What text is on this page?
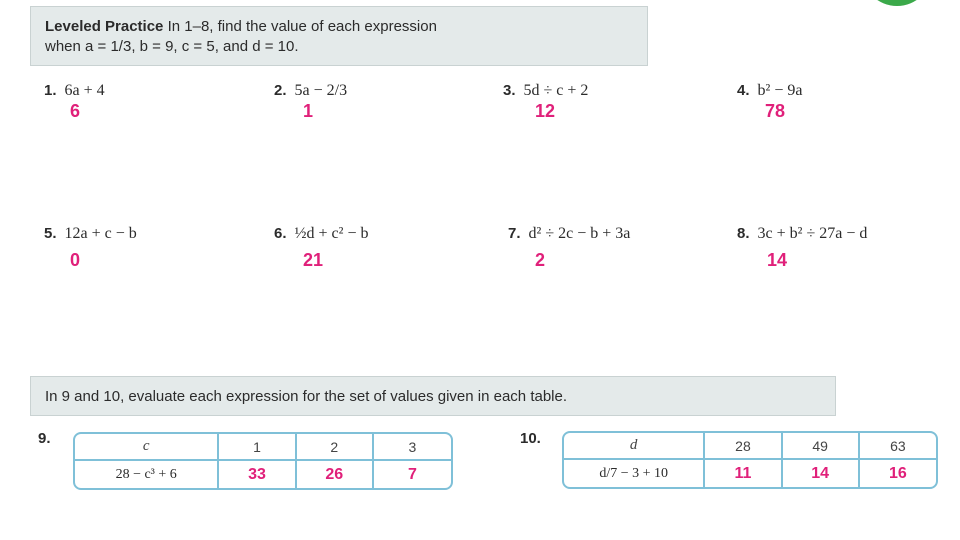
Leveled Practice In 1–8, find the value of each expression
when a = 1/3, b = 9, c = 5, and d = 10.
1. 6a + 4
6
2. 5a − 2/3
1
3. 5d ÷ c + 2
12
4. b² − 9a
78
5. 12a + c − b
0
6. ½d + c² − b
21
7. d² ÷ 2c − b + 3a
2
8. 3c + b² ÷ 27a − d
14
In 9 and 10, evaluate each expression for the set of values given in each table.
9.	c	1	2	3
28 − c³ + 6	33	26	7
10.	d	28	49	63
d/7 − 3 + 10	11	14	16
